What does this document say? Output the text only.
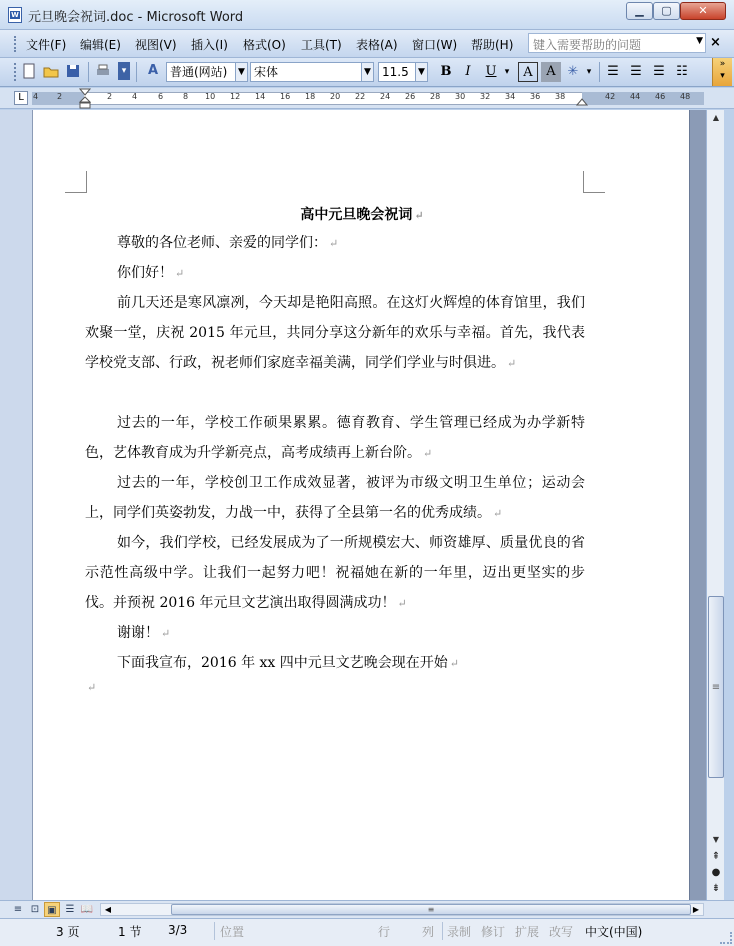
W 元旦晚会祝词.doc - Microsoft Word	▁	▢	✕
文件(F) 编辑(E) 视图(V) 插入(I) 格式(O) 工具(T) 表格(A) 窗口(W) 帮助(H)	键入需要帮助的问题	▼ ×
▾	A 普通(网站)	▼ 宋体	▼ 11.5	▼	B	I	U ▾	A	A ✳ ▾	☰ ☰ ☰ ☷	»
▾
L	4 2	2 4	6 8 10 12 14 16 18 20 22 24 26 28 30 32 34 36 38	42 44 46 48
高中元旦晚会祝词 ↵
尊敬的各位老师、亲爱的同学们： ↵
你们好！ ↵
前几天还是寒风凛冽，今天却是艳阳高照。在这灯火辉煌的体育馆里，我们欢聚一堂，庆祝 2015 年元旦，共同分享这分新年的欢乐与幸福。首先，我代表学校党支部、行政，祝老师们家庭幸福美满，同学们学业与时俱进。 ↵
过去的一年，学校工作硕果累累。德育教育、学生管理已经成为办学新特色，艺体教育成为升学新亮点，高考成绩再上新台阶。 ↵
过去的一年，学校创卫工作成效显著，被评为市级文明卫生单位；运动会上，同学们英姿勃发，力战一中，获得了全县第一名的优秀成绩。 ↵
如今，我们学校，已经发展成为了一所规模宏大、师资雄厚、质量优良的省示范性高级中学。让我们一起努力吧！祝福她在新的一年里，迈出更坚实的步伐。并预祝 2016 年元旦文艺演出取得圆满成功！ ↵
谢谢！ ↵
下面我宣布，2016 年 xx 四中元旦文艺晚会现在开始 ↵
↵
▲
≡
▼
⇞
●
⇟
≡ ⊡ ▣ ☰ 📖	◀	≡	▶
3 页	1 节 3/3	位置	行	列 录制 修订 扩展 改写 中文(中国)
